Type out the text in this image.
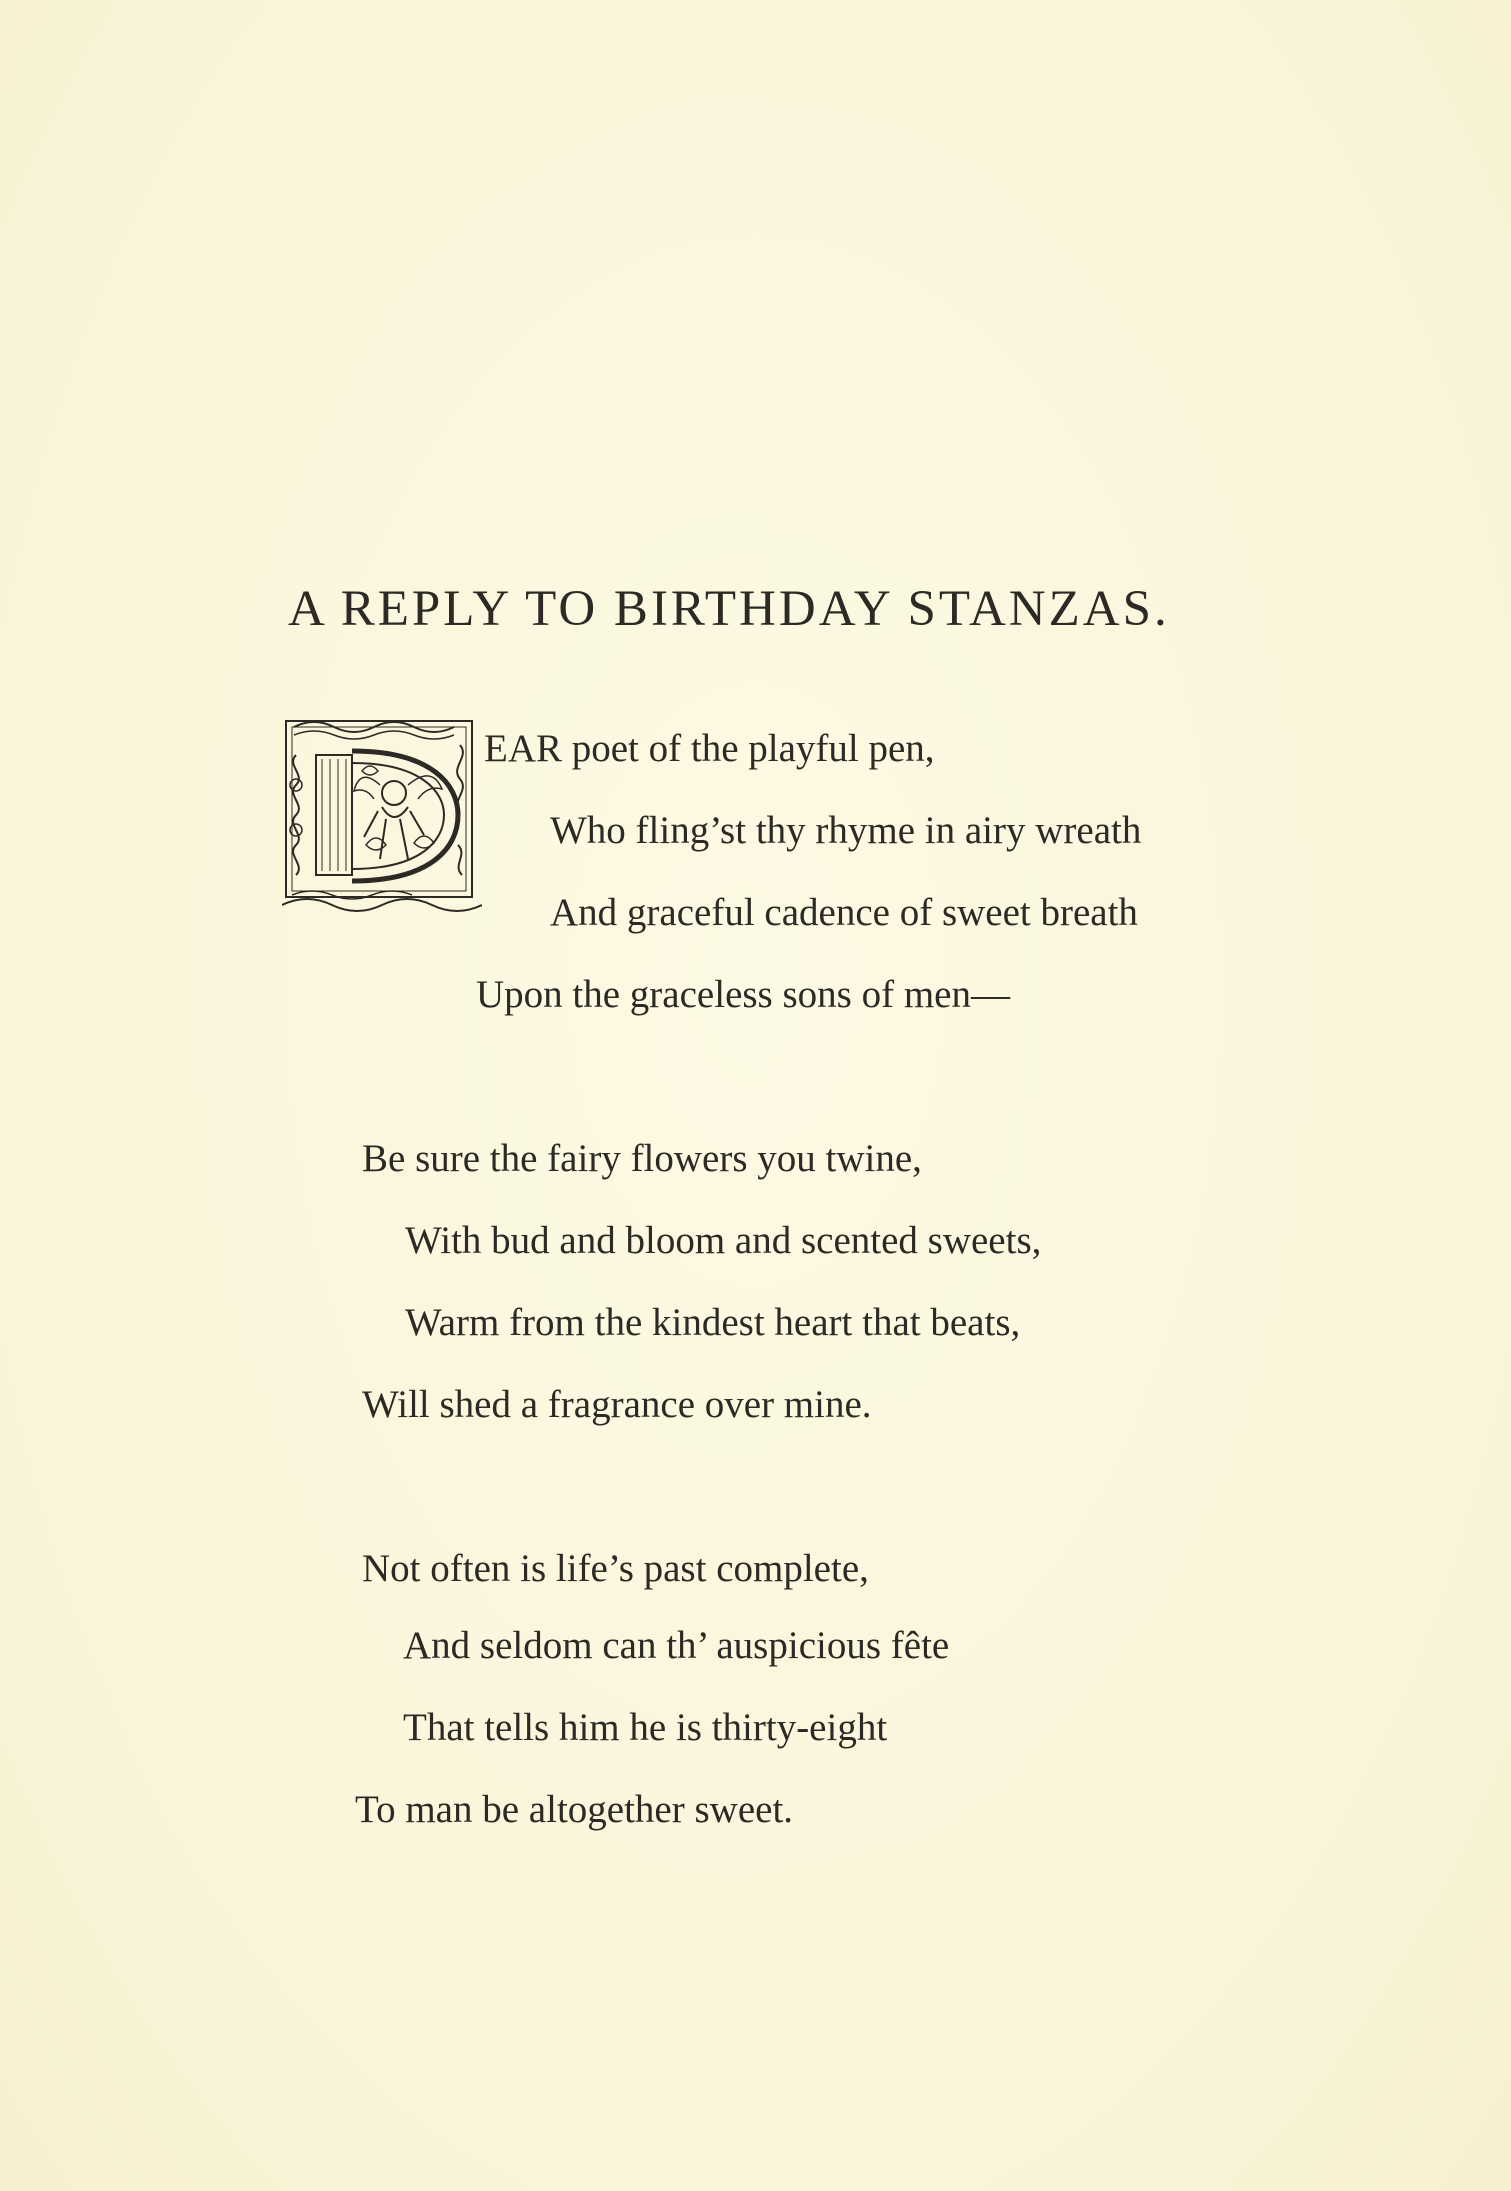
A REPLY TO BIRTHDAY STANZAS.

EAR poet of the playful pen,

Who fling’st thy rhyme in airy wreath

And graceful cadence of sweet breath

Upon the graceless sons of men—

Be sure the fairy flowers you twine,

With bud and bloom and scented sweets,

Warm from the kindest heart that beats,

Will shed a fragrance over mine.

Not often is life’s past complete,

And seldom can th’ auspicious fête

That tells him he is thirty-eight

To man be altogether sweet.
